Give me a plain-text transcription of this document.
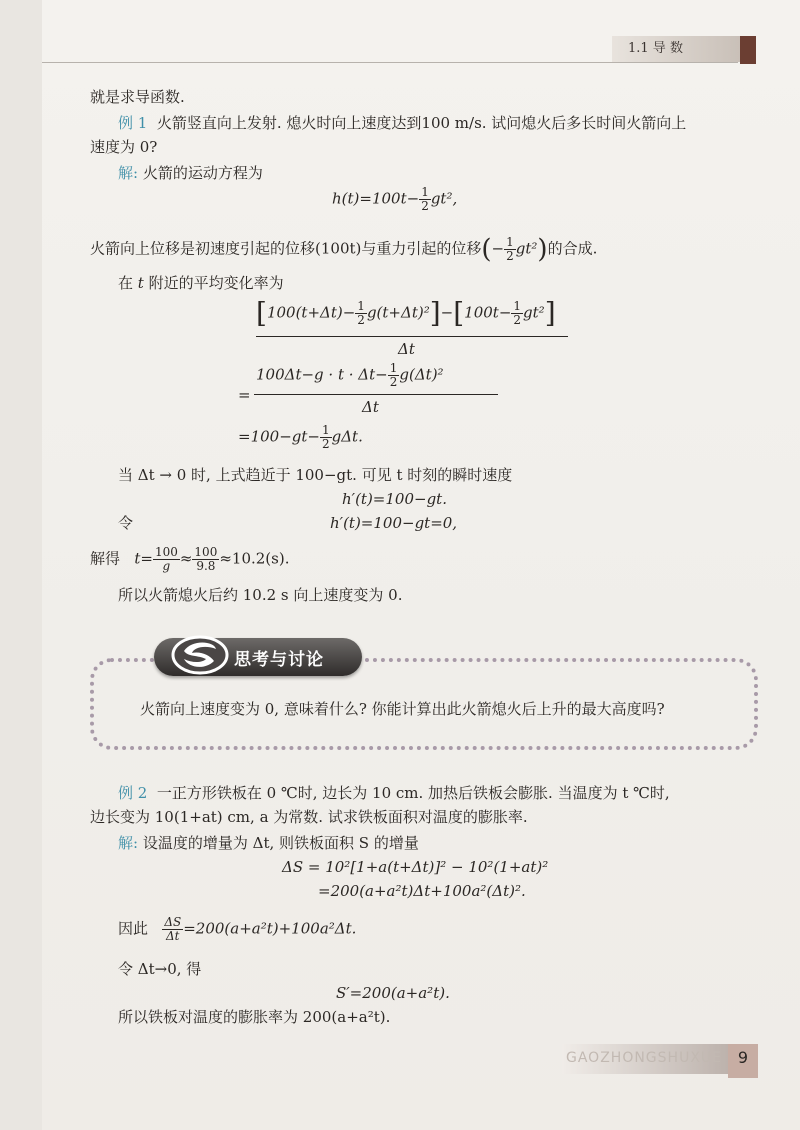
1.1 导 数
就是求导函数.
例 1 火箭竖直向上发射. 熄火时向上速度达到100 m/s. 试问熄火后多长时间火箭向上
速度为 0?
解: 火箭的运动方程为
$h(t)=100t- \frac{1}{2} gt^2$,
火箭向上位移是初速度引起的位移(100t)与重力引起的位移(− $\frac{1}{2} gt^2$)的合成.
在 t 附近的平均变化率为
$[100(t+\Delta t)- \frac{1}{2} g(t+\Delta t)^2]-[100t- \frac{1}{2} gt^2]$
Δt
=
$100\Delta t-g \cdot t \cdot \Delta t- \frac{1}{2} g(\Delta t)^2$
Δt
$=100-gt- \frac{1}{2} g\Delta t$.
当 Δt → 0 时, 上式趋近于 100−gt. 可见 t 时刻的瞬时速度
h′(t)=100−gt.
令	h′(t)=100−gt=0,
解得 $t= \frac{100}{g} \approx \frac{100}{9.8} \approx 10.2(s)$.
所以火箭熄火后约 10.2 s 向上速度变为 0.
思考与讨论
火箭向上速度变为 0, 意味着什么? 你能计算出此火箭熄火后上升的最大高度吗?
例 2 一正方形铁板在 0 ℃时, 边长为 10 cm. 加热后铁板会膨胀. 当温度为 t ℃时,
边长变为 10(1+at) cm, a 为常数. 试求铁板面积对温度的膨胀率.
解: 设温度的增量为 Δt, 则铁板面积 S 的增量
ΔS = 10²[1+a(t+Δt)]² − 10²(1+at)²
=200(a+a²t)Δt+100a²(Δt)².
因此 $\frac{\Delta S}{\Delta t} =200(a+a^2t)+100a^2\Delta t$.
令 Δt→0, 得
S′=200(a+a²t).
所以铁板对温度的膨胀率为 200(a+a²t).
GAOZHONGSHUXUE 9
